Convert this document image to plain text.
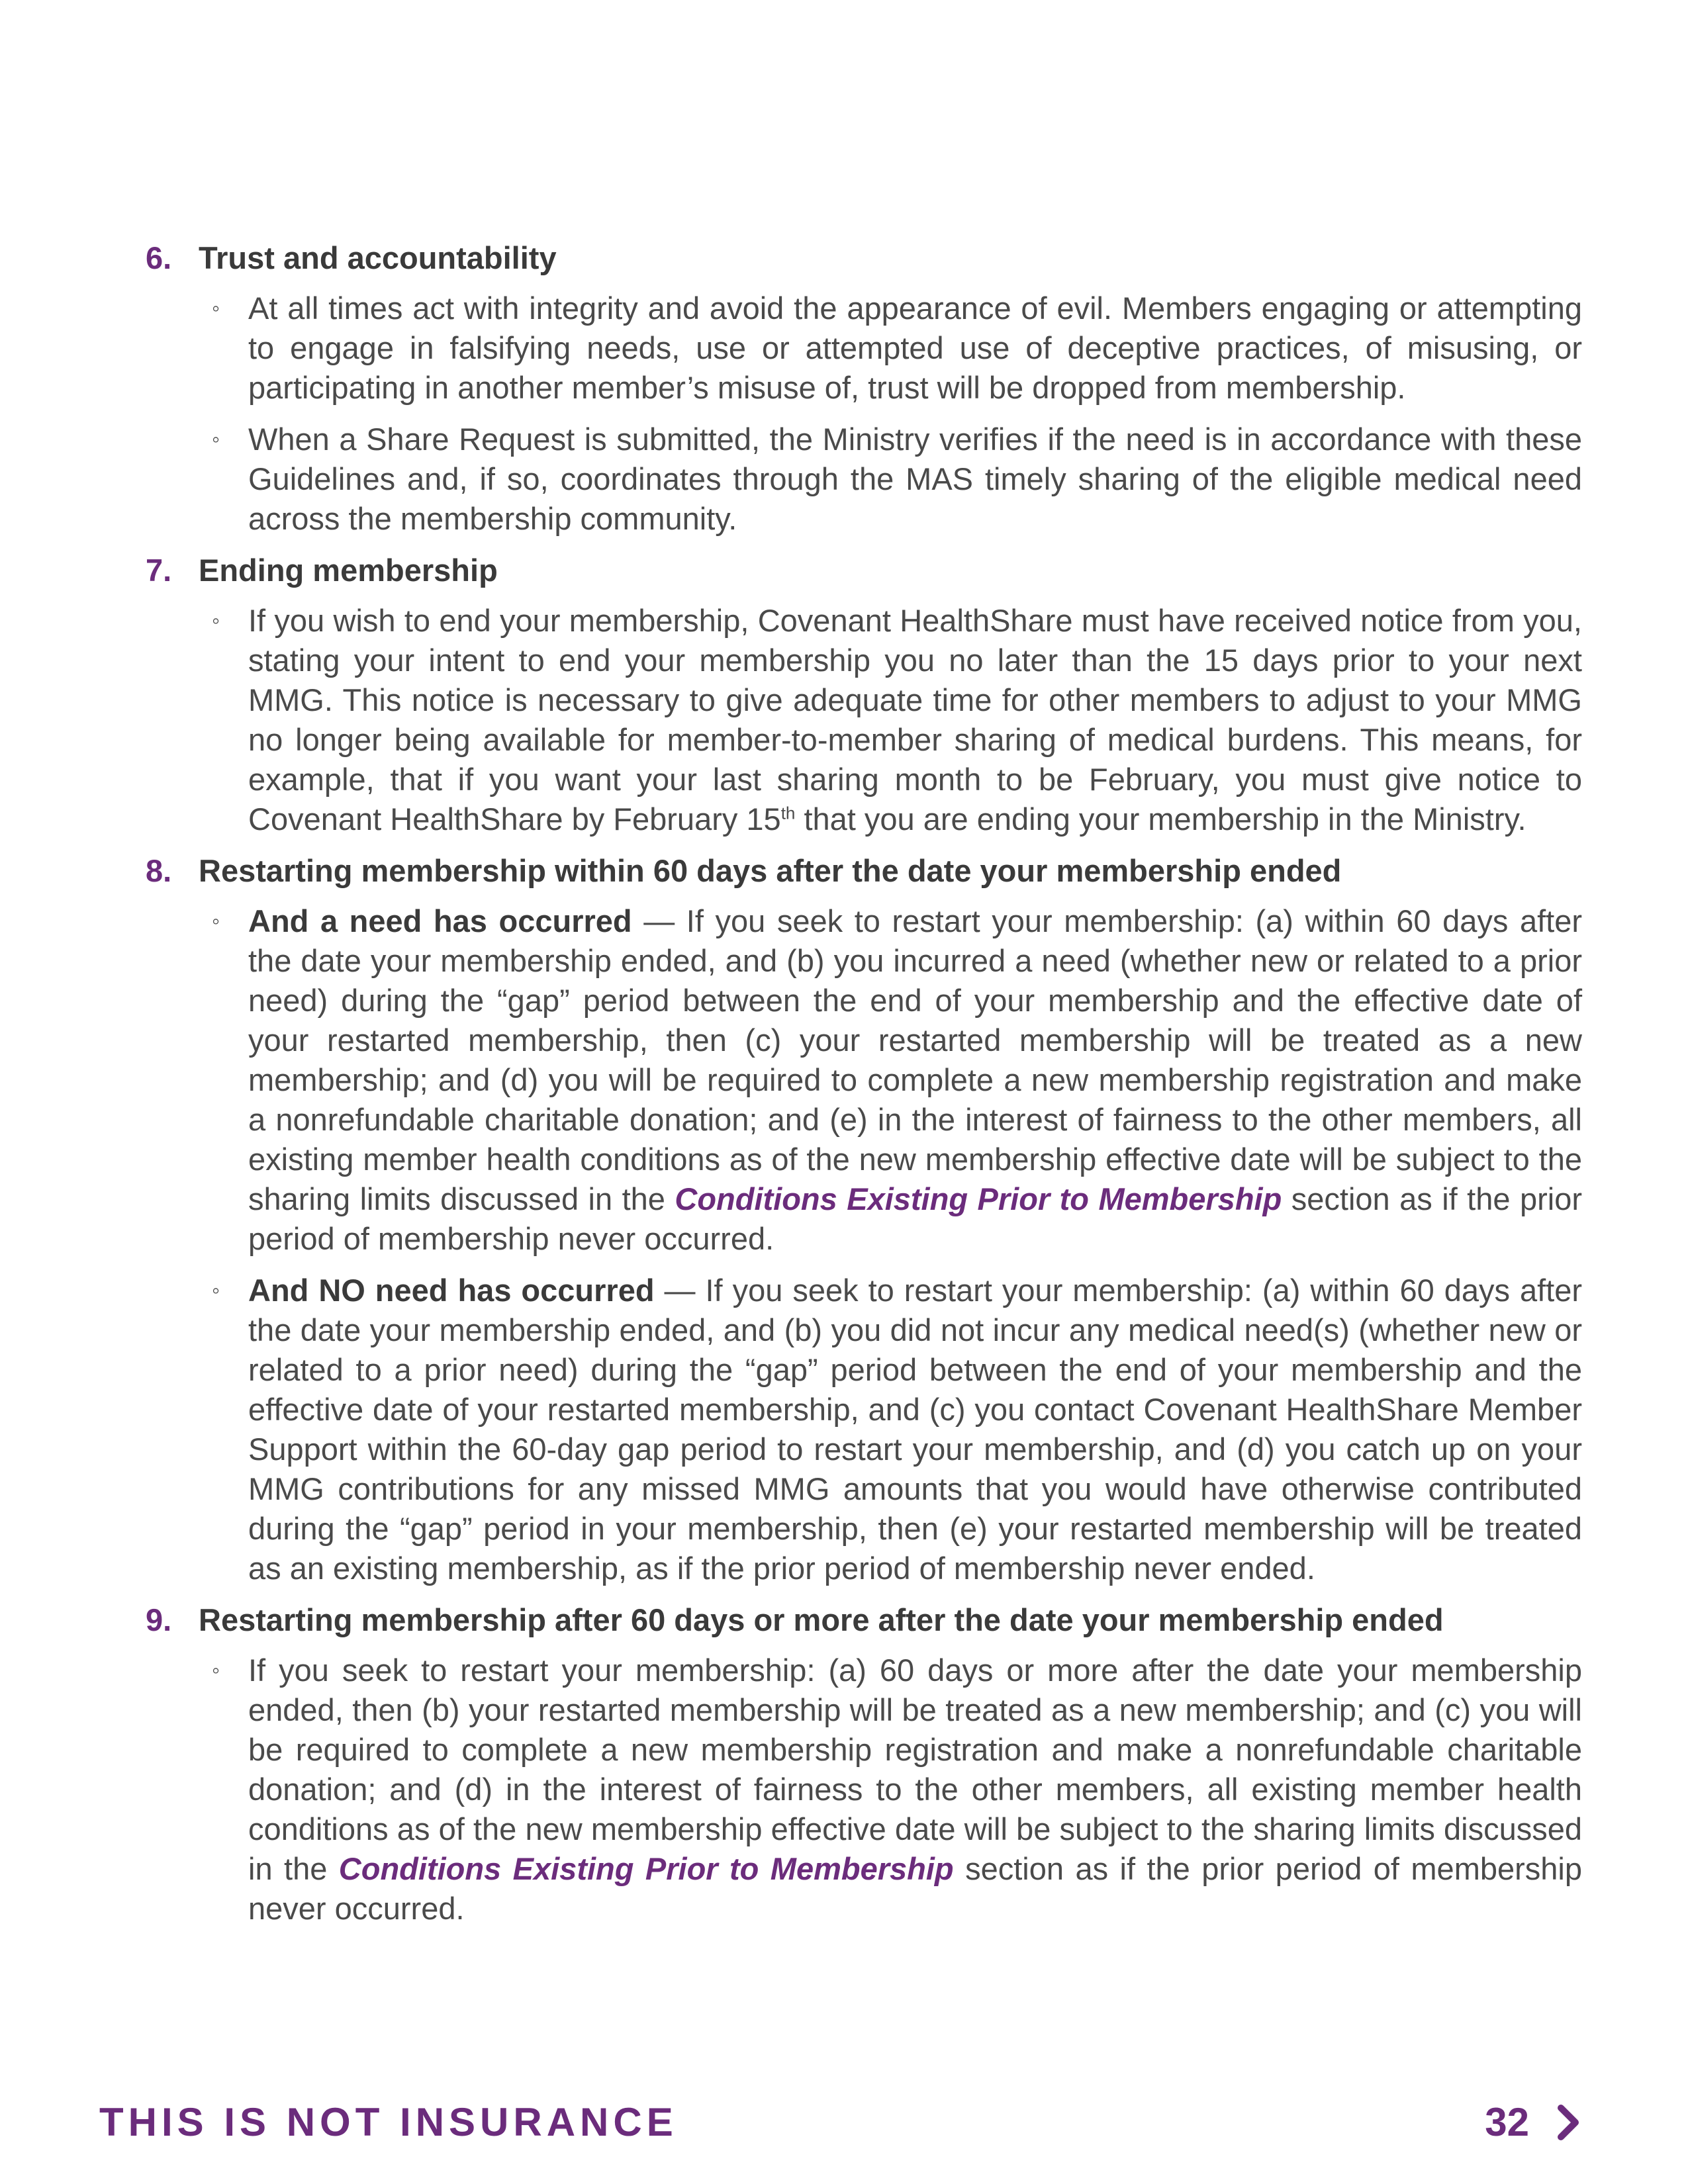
6. Trust and accountability
◦ At all times act with integrity and avoid the appearance of evil. Members engaging or attempting to engage in falsifying needs, use or attempted use of deceptive practices, of misusing, or participating in another member’s misuse of, trust will be dropped from membership.
◦ When a Share Request is submitted, the Ministry verifies if the need is in accordance with these Guidelines and, if so, coordinates through the MAS timely sharing of the eligible medical need across the membership community.
7. Ending membership
◦ If you wish to end your membership, Covenant HealthShare must have received notice from you, stating your intent to end your membership you no later than the 15 days prior to your next MMG. This notice is necessary to give adequate time for other members to adjust to your MMG no longer being available for member-to-member sharing of medical burdens. This means, for example, that if you want your last sharing month to be February, you must give notice to Covenant HealthShare by February 15th that you are ending your membership in the Ministry.
8. Restarting membership within 60 days after the date your membership ended
◦ And a need has occurred — If you seek to restart your membership: (a) within 60 days after the date your membership ended, and (b) you incurred a need (whether new or related to a prior need) during the “gap” period between the end of your membership and the effective date of your restarted membership, then (c) your restarted membership will be treated as a new membership; and (d) you will be required to complete a new membership registration and make a nonrefundable charitable donation; and (e) in the interest of fairness to the other members, all existing member health conditions as of the new membership effective date will be subject to the sharing limits discussed in the Conditions Existing Prior to Membership section as if the prior period of membership never occurred.
◦ And NO need has occurred — If you seek to restart your membership: (a) within 60 days after the date your membership ended, and (b) you did not incur any medical need(s) (whether new or related to a prior need) during the “gap” period between the end of your membership and the effective date of your restarted membership, and (c) you contact Covenant HealthShare Member Support within the 60-day gap period to restart your membership, and (d) you catch up on your MMG contributions for any missed MMG amounts that you would have otherwise contributed during the “gap” period in your membership, then (e) your restarted membership will be treated as an existing membership, as if the prior period of membership never ended.
9. Restarting membership after 60 days or more after the date your membership ended
◦ If you seek to restart your membership: (a) 60 days or more after the date your membership ended, then (b) your restarted membership will be treated as a new membership; and (c) you will be required to complete a new membership registration and make a nonrefundable charitable donation; and (d) in the interest of fairness to the other members, all existing member health conditions as of the new membership effective date will be subject to the sharing limits discussed in the Conditions Existing Prior to Membership section as if the prior period of membership never occurred.
THIS IS NOT INSURANCE	32
